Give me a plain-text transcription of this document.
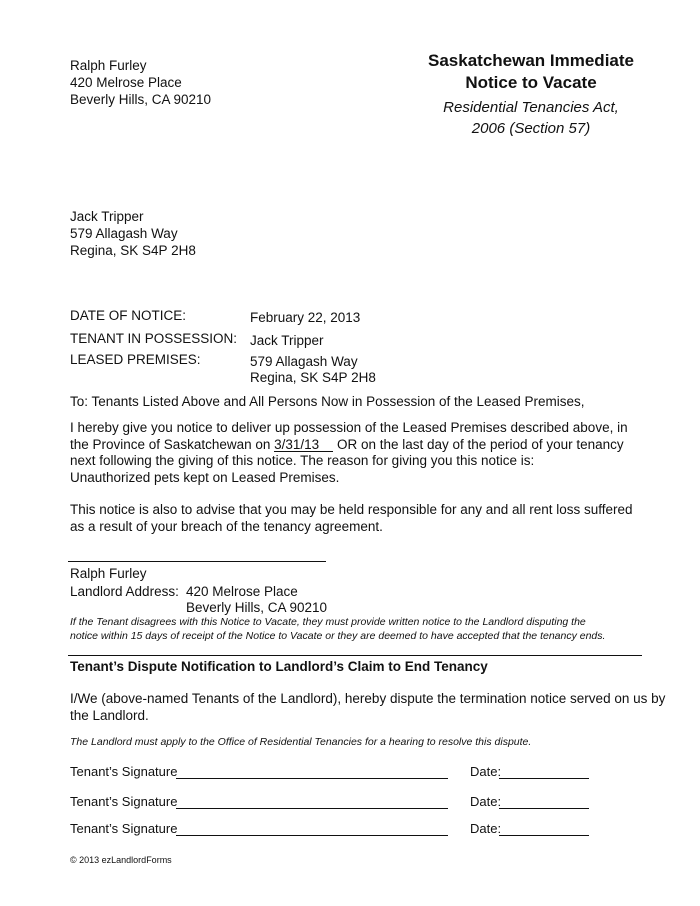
Ralph Furley
420 Melrose Place
Beverly Hills, CA 90210
Saskatchewan Immediate
Notice to Vacate
Residential Tenancies Act,
2006 (Section 57)
Jack Tripper
579 Allagash Way
Regina, SK S4P 2H8
DATE OF NOTICE:	February 22, 2013
TENANT IN POSSESSION: Jack Tripper
LEASED PREMISES:	579 Allagash Way
Regina, SK S4P 2H8
To: Tenants Listed Above and All Persons Now in Possession of the Leased Premises,
I hereby give you notice to deliver up possession of the Leased Premises described above, in
the Province of Saskatchewan on 3/31/13 OR on the last day of the period of your tenancy
next following the giving of this notice. The reason for giving you this notice is:
Unauthorized pets kept on Leased Premises.
This notice is also to advise that you may be held responsible for any and all rent loss suffered
as a result of your breach of the tenancy agreement.
Ralph Furley
Landlord Address: 420 Melrose Place
Beverly Hills, CA 90210
If the Tenant disagrees with this Notice to Vacate, they must provide written notice to the Landlord disputing the
notice within 15 days of receipt of the Notice to Vacate or they are deemed to have accepted that the tenancy ends.
Tenant’s Dispute Notification to Landlord’s Claim to End Tenancy
I/We (above-named Tenants of the Landlord), hereby dispute the termination notice served on us by
the Landlord.
The Landlord must apply to the Office of Residential Tenancies for a hearing to resolve this dispute.
Tenant’s Signature	Date:
Tenant’s Signature	Date:
Tenant’s Signature	Date:
© 2013 ezLandlordForms
